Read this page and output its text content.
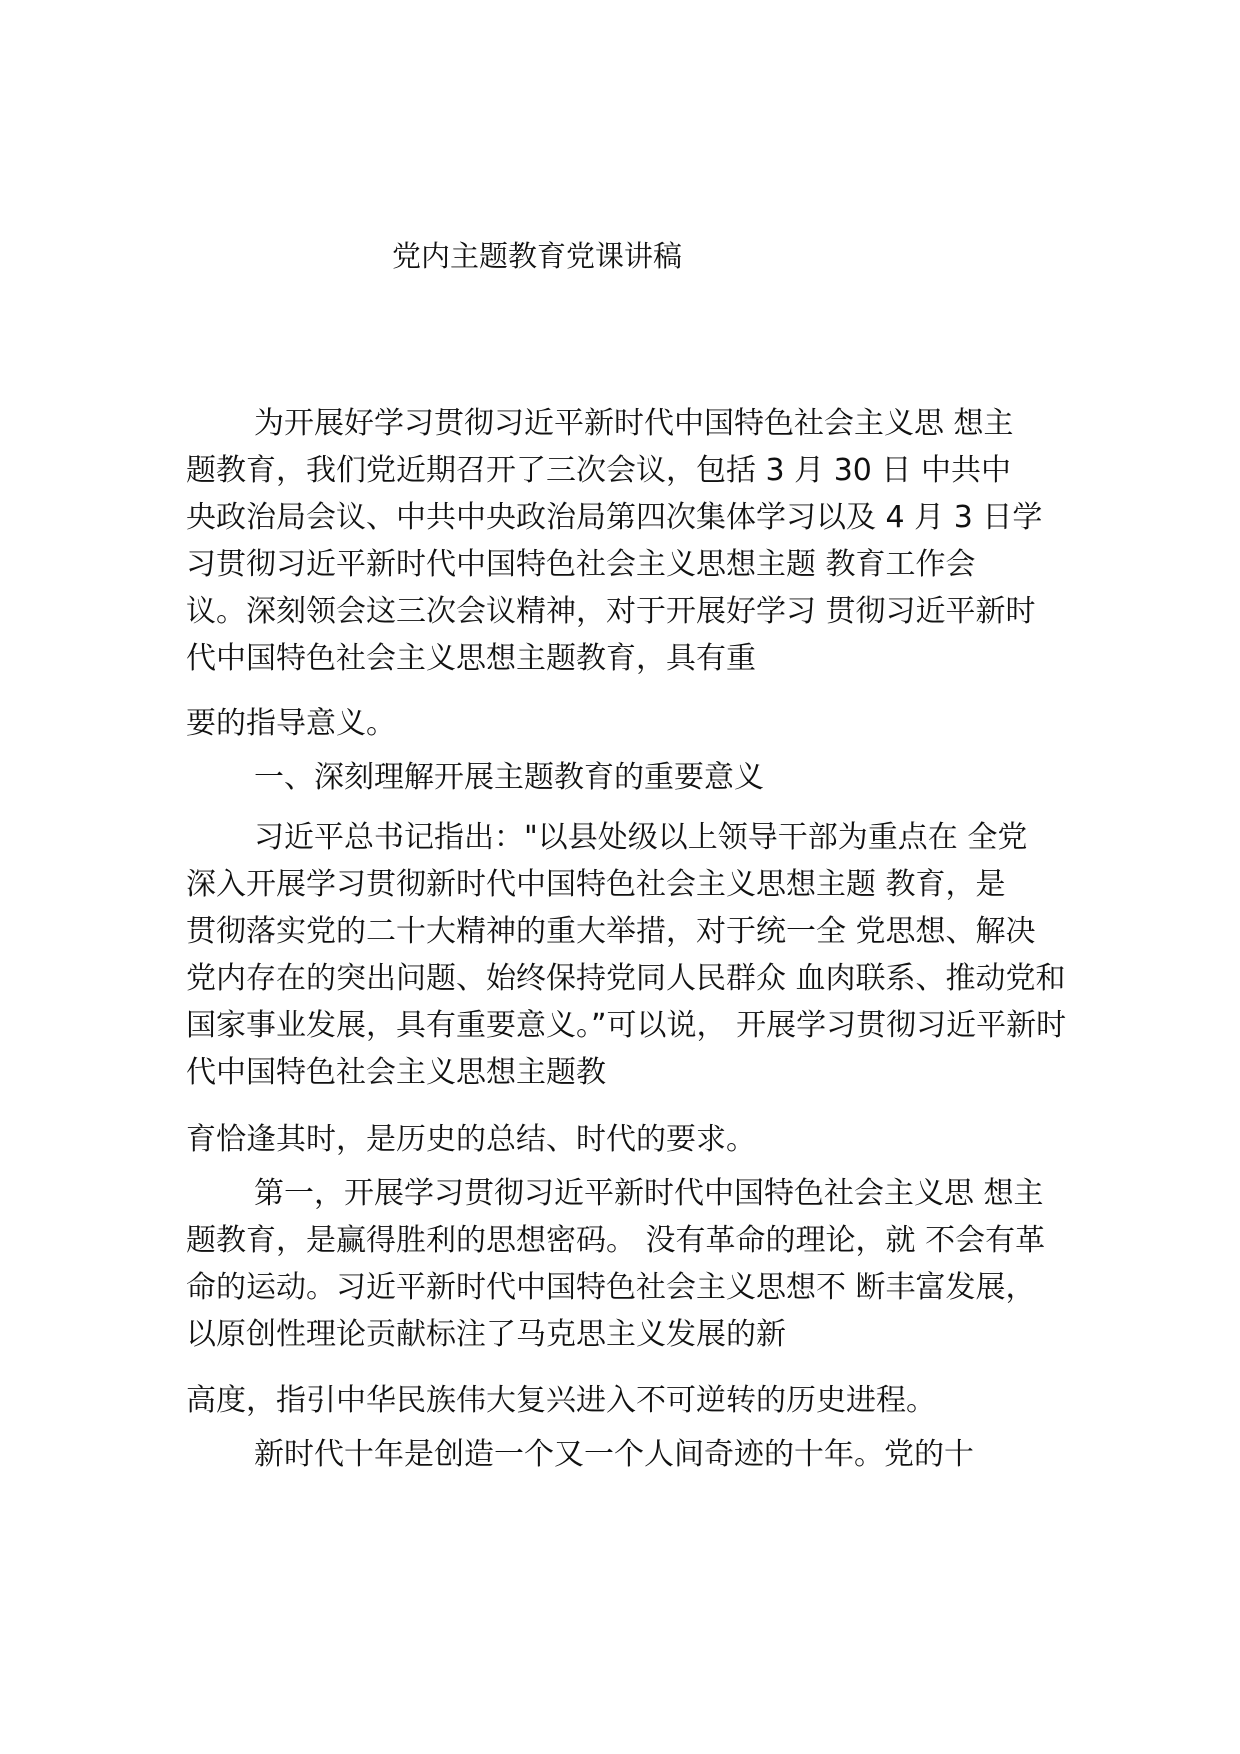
党内主题教育党课讲稿

为开展好学习贯彻习近平新时代中国特色社会主义思 想主

题教育，我们党近期召开了三次会议，包括 3 月 30 日 中共中

央政治局会议、中共中央政治局第四次集体学习以及 4 月 3 日学

习贯彻习近平新时代中国特色社会主义思想主题 教育工作会

议。深刻领会这三次会议精神，对于开展好学习 贯彻习近平新时

代中国特色社会主义思想主题教育，具有重

要的指导意义。

一、深刻理解开展主题教育的重要意义

习近平总书记指出："以县处级以上领导干部为重点在 全党

深入开展学习贯彻新时代中国特色社会主义思想主题 教育，是

贯彻落实党的二十大精神的重大举措，对于统一全 党思想、解决

党内存在的突出问题、始终保持党同人民群众 血肉联系、推动党和

国家事业发展，具有重要意义。”可以说， 开展学习贯彻习近平新时

代中国特色社会主义思想主题教

育恰逢其时，是历史的总结、时代的要求。

第一，开展学习贯彻习近平新时代中国特色社会主义思 想主

题教育，是赢得胜利的思想密码。 没有革命的理论，就 不会有革

命的运动。习近平新时代中国特色社会主义思想不 断丰富发展，

以原创性理论贡献标注了马克思主义发展的新

高度，指引中华民族伟大复兴进入不可逆转的历史进程。

新时代十年是创造一个又一个人间奇迹的十年。党的十
